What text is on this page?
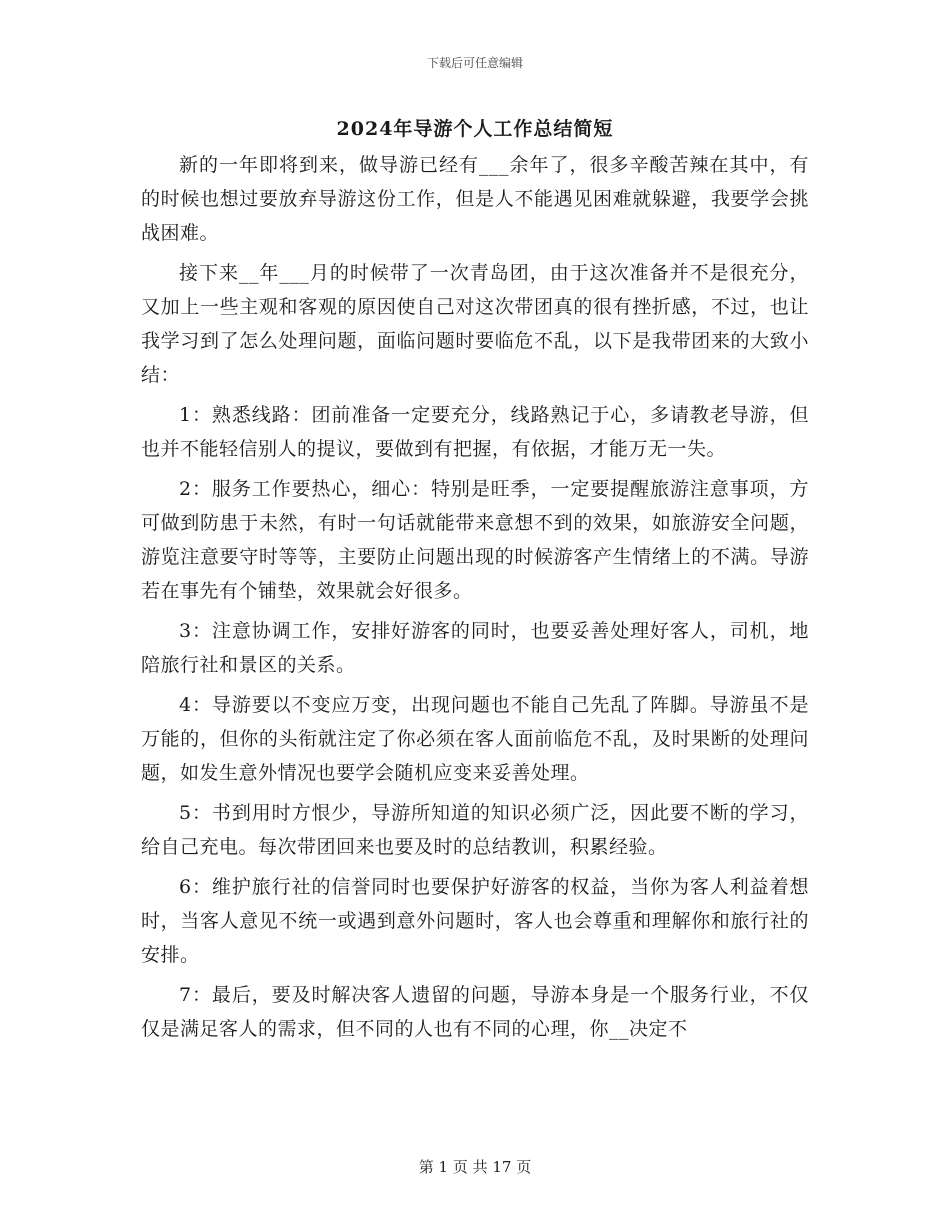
下载后可任意编辑
2024年导游个人工作总结简短

新的一年即将到来，做导游已经有___余年了，很多辛酸苦辣在其中，有的时候也想过要放弃导游这份工作，但是人不能遇见困难就躲避，我要学会挑战困难。

接下来__年___月的时候带了一次青岛团，由于这次准备并不是很充分，又加上一些主观和客观的原因使自己对这次带团真的很有挫折感，不过，也让我学习到了怎么处理问题，面临问题时要临危不乱，以下是我带团来的大致小结：

1：熟悉线路：团前准备一定要充分，线路熟记于心，多请教老导游，但也并不能轻信别人的提议，要做到有把握，有依据，才能万无一失。

2：服务工作要热心，细心：特别是旺季，一定要提醒旅游注意事项，方可做到防患于未然，有时一句话就能带来意想不到的效果，如旅游安全问题，游览注意要守时等等，主要防止问题出现的时候游客产生情绪上的不满。导游若在事先有个铺垫，效果就会好很多。

3：注意协调工作，安排好游客的同时，也要妥善处理好客人，司机，地陪旅行社和景区的关系。

4：导游要以不变应万变，出现问题也不能自己先乱了阵脚。导游虽不是万能的，但你的头衔就注定了你必须在客人面前临危不乱，及时果断的处理问题，如发生意外情况也要学会随机应变来妥善处理。

5：书到用时方恨少，导游所知道的知识必须广泛，因此要不断的学习，给自己充电。每次带团回来也要及时的总结教训，积累经验。

6：维护旅行社的信誉同时也要保护好游客的权益，当你为客人利益着想时，当客人意见不统一或遇到意外问题时，客人也会尊重和理解你和旅行社的安排。

7：最后，要及时解决客人遗留的问题，导游本身是一个服务行业，不仅仅是满足客人的需求，但不同的人也有不同的心理，你__决定不

第 1 页 共 17 页
